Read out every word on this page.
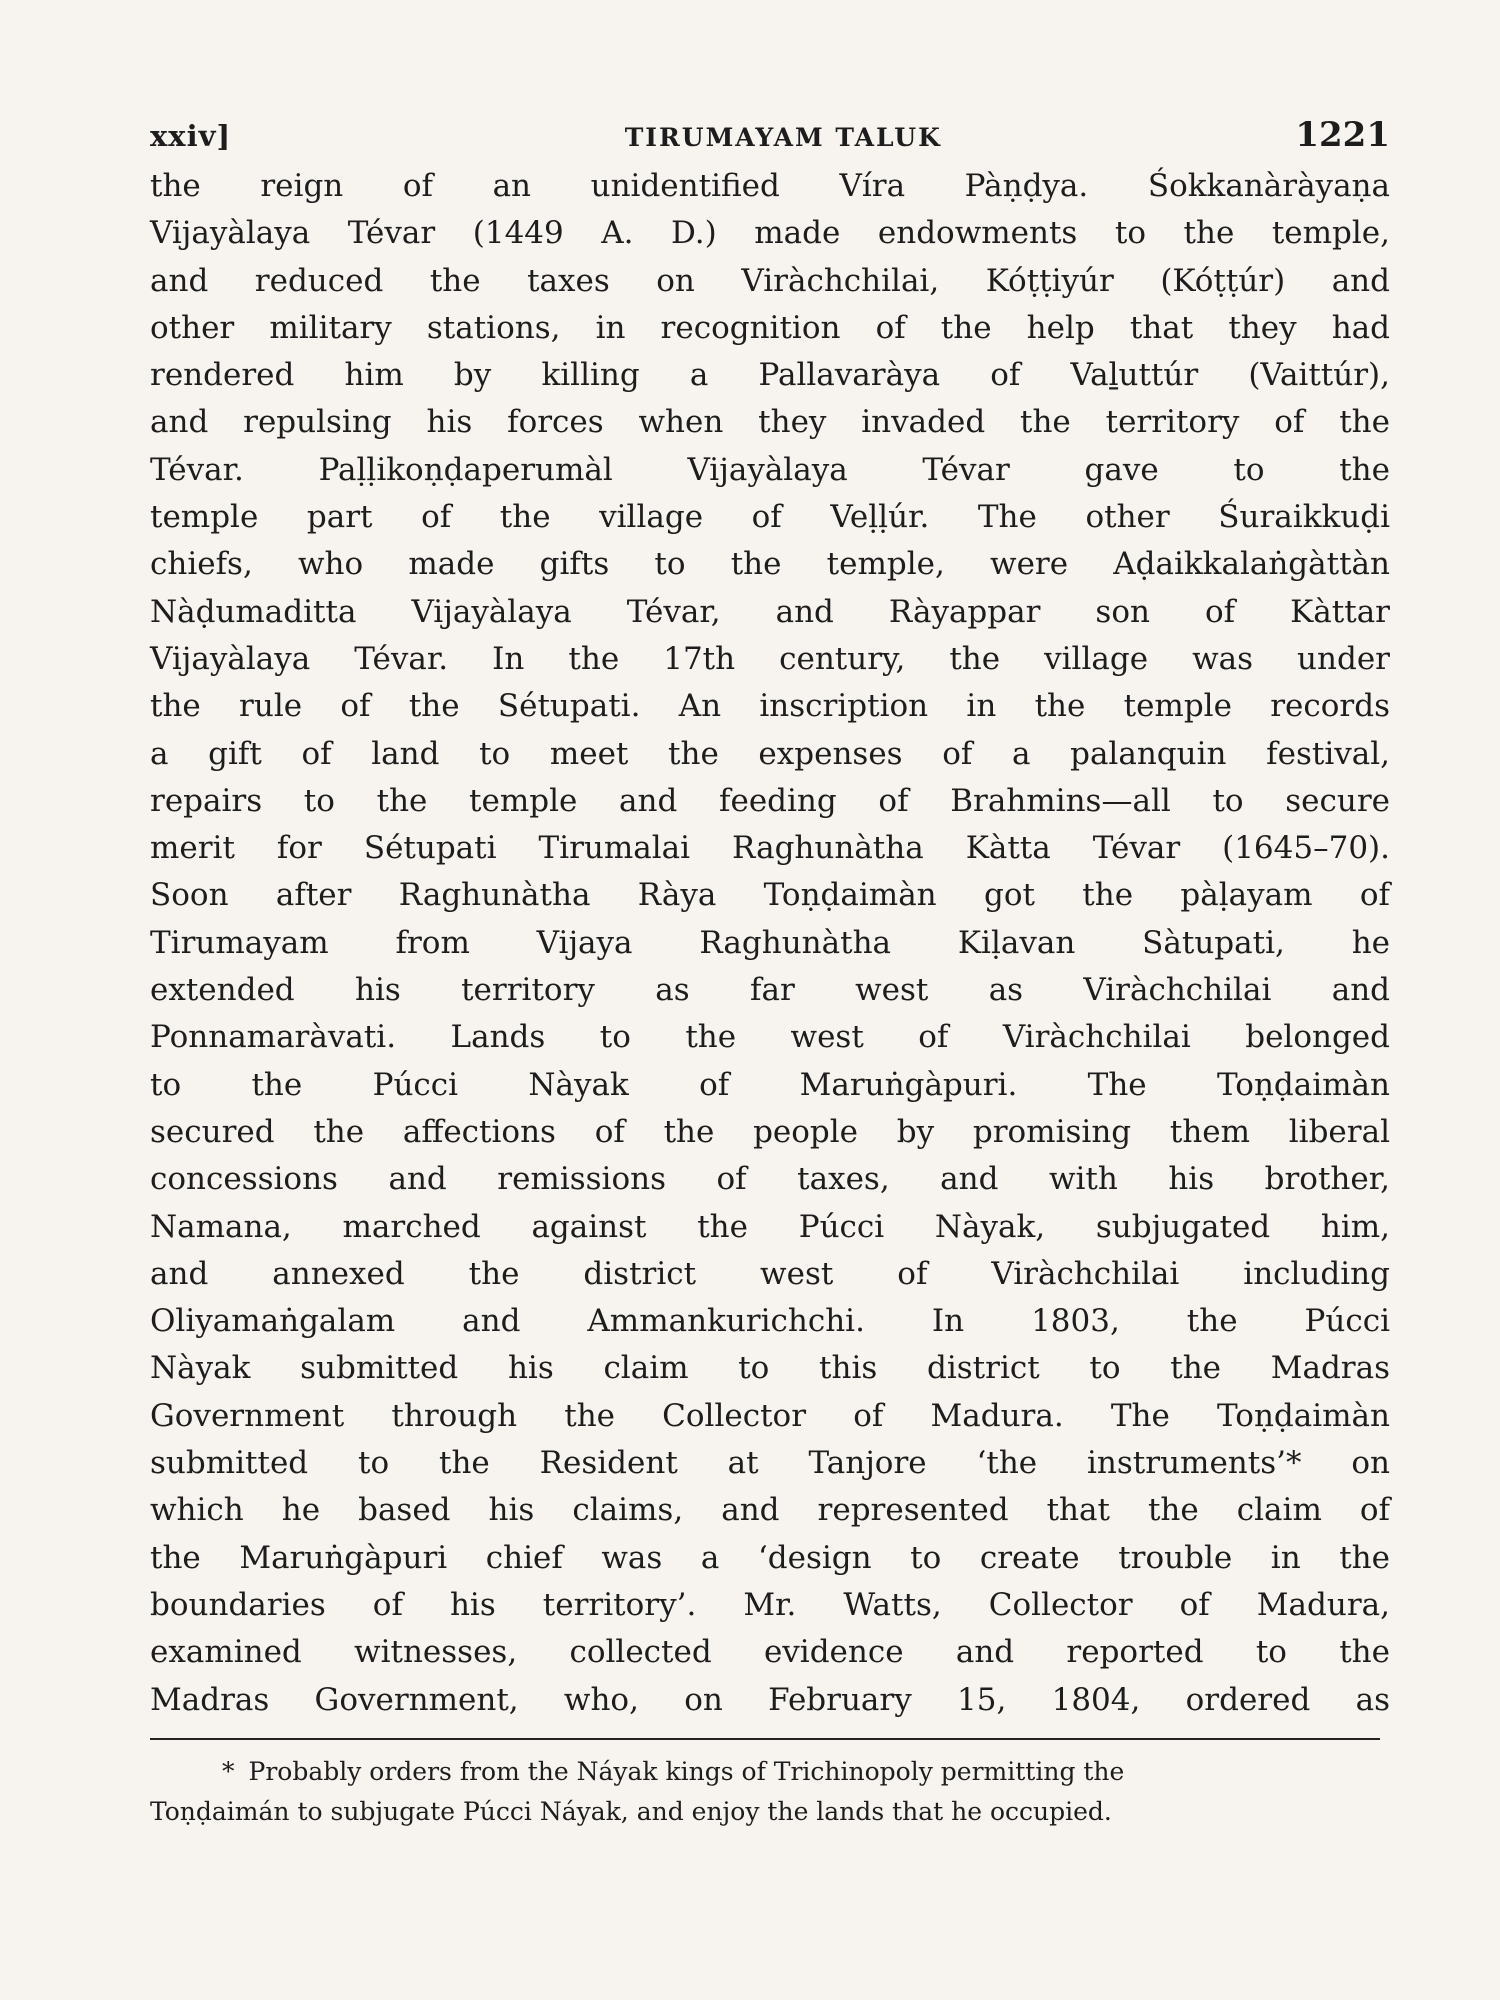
xxiv]	TIRUMAYAM TALUK	1221
the reign of an unidentified Víra Pàṇḍya. Śokkanàràyaṇa
Vijayàlaya Tévar (1449 A. D.) made endowments to the temple,
and reduced the taxes on Viràchchilai, Kóṭṭiyúr (Kóṭṭúr) and
other military stations, in recognition of the help that they had
rendered him by killing a Pallavaràya of Vaḻuttúr (Vaittúr),
and repulsing his forces when they invaded the territory of the
Tévar. Paḷḷikoṇḍaperumàl Vijayàlaya Tévar gave to the
temple part of the village of Veḷḷúr. The other Śuraikkuḍi
chiefs, who made gifts to the temple, were Aḍaikkalaṅgàttàn
Nàḍumaditta Vijayàlaya Tévar, and Ràyappar son of Kàttar
Vijayàlaya Tévar. In the 17th century, the village was under
the rule of the Sétupati. An inscription in the temple records
a gift of land to meet the expenses of a palanquin festival,
repairs to the temple and feeding of Brahmins—all to secure
merit for Sétupati Tirumalai Raghunàtha Kàtta Tévar (1645–70).
Soon after Raghunàtha Ràya Toṇḍaimàn got the pàḷayam of
Tirumayam from Vijaya Raghunàtha Kiḷavan Sàtupati, he
extended his territory as far west as Viràchchilai and
Ponnamaràvati. Lands to the west of Viràchchilai belonged
to the Púcci Nàyak of Maruṅgàpuri. The Toṇḍaimàn
secured the affections of the people by promising them liberal
concessions and remissions of taxes, and with his brother,
Namana, marched against the Púcci Nàyak, subjugated him,
and annexed the district west of Viràchchilai including
Oliyamaṅgalam and Ammankurichchi. In 1803, the Púcci
Nàyak submitted his claim to this district to the Madras
Government through the Collector of Madura. The Toṇḍaimàn
submitted to the Resident at Tanjore ‘the instruments’* on
which he based his claims, and represented that the claim of
the Maruṅgàpuri chief was a ‘design to create trouble in the
boundaries of his territory’. Mr. Watts, Collector of Madura,
examined witnesses, collected evidence and reported to the
Madras Government, who, on February 15, 1804, ordered as
* Probably orders from the Náyak kings of Trichinopoly permitting the
Toṇḍaimán to subjugate Púcci Náyak, and enjoy the lands that he occupied.
